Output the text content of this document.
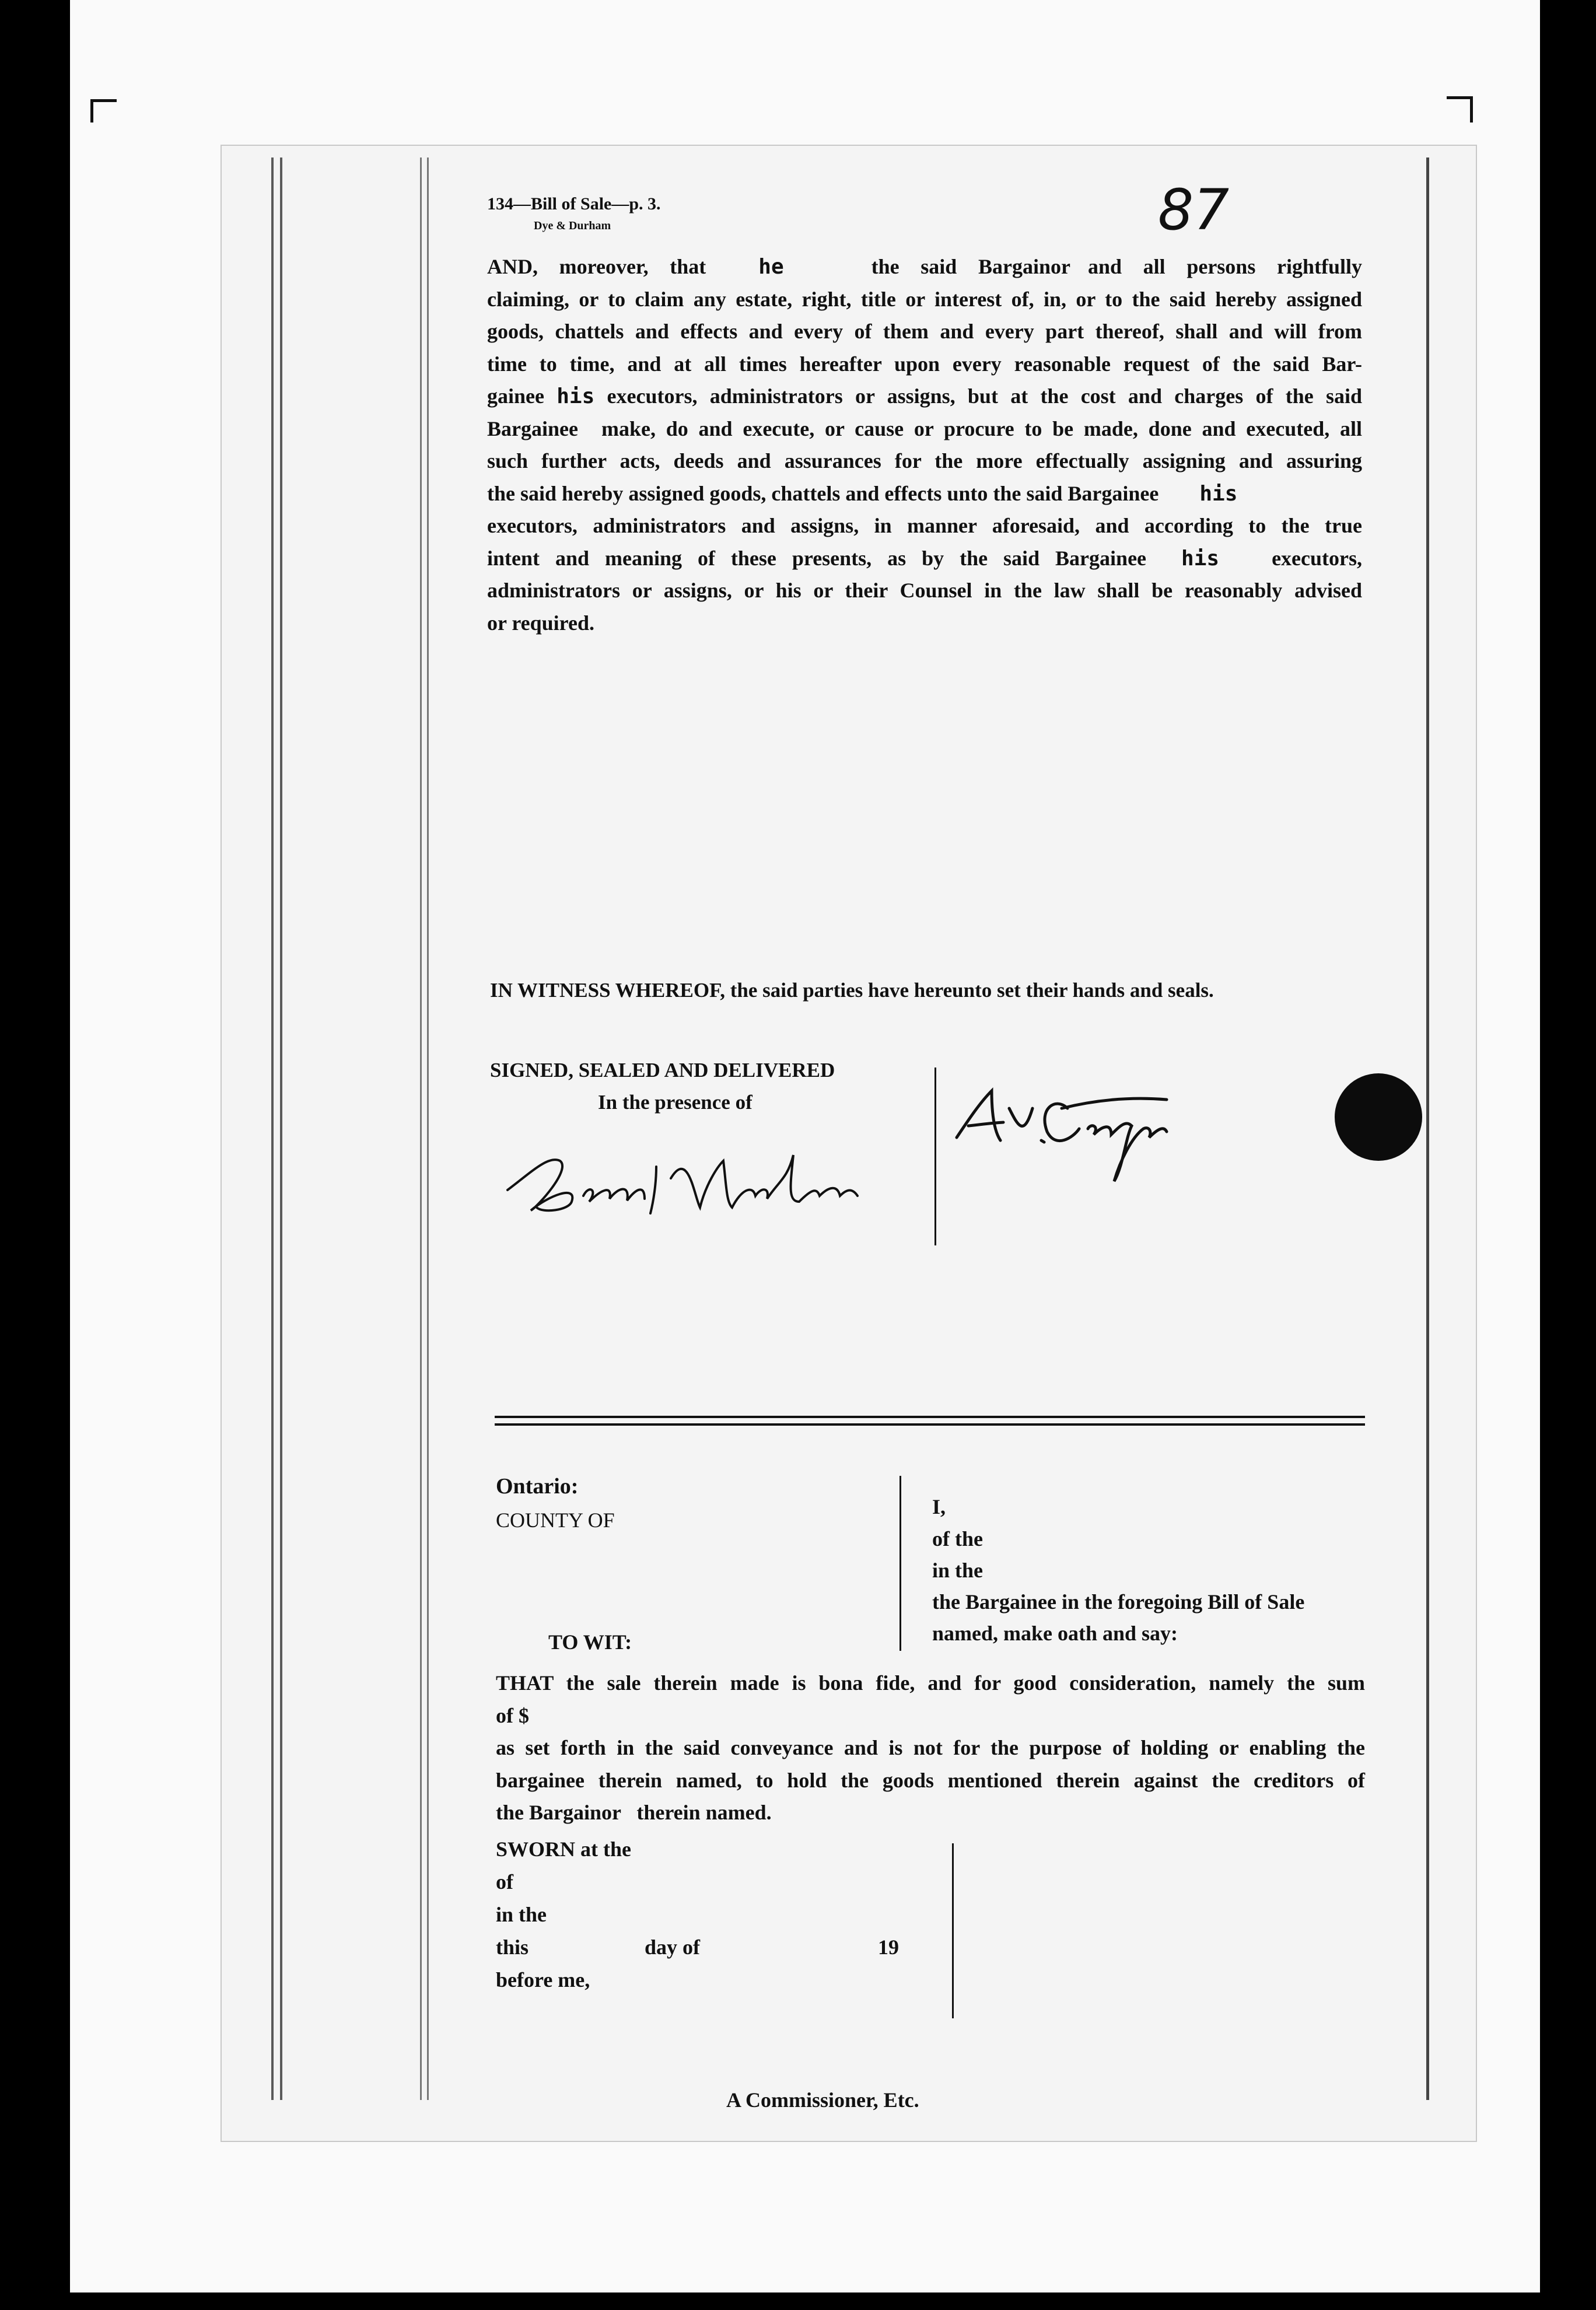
134—Bill of Sale—p. 3.
Dye & Durham	87
AND, moreover, that	he	the said Bargainor and all persons rightfully
claiming, or to claim any estate, right, title or interest of, in, or to the said hereby assigned
goods, chattels and effects and every of them and every part thereof, shall and will from
time to time, and at all times hereafter upon every reasonable request of the said Bar-
gainee his executors, administrators or assigns, but at the cost and charges of the said
Bargainee make, do and execute, or cause or procure to be made, done and executed, all
such further acts, deeds and assurances for the more effectually assigning and assuring
the said hereby assigned goods, chattels and effects unto the said Bargainee his
executors, administrators and assigns, in manner aforesaid, and according to the true
intent and meaning of these presents, as by the said Bargainee his	executors,
administrators or assigns, or his or their Counsel in the law shall be reasonably advised
or required.
IN WITNESS WHEREOF, the said parties have hereunto set their hands and seals.
SIGNED, SEALED AND DELIVERED
In the presence of
Ontario:
COUNTY OF
TO WIT:
I,
of the
in the
the Bargainee in the foregoing Bill of Sale
named, make oath and say:
THAT the sale therein made is bona fide, and for good consideration, namely the sum
of $
as set forth in the said conveyance and is not for the purpose of holding or enabling the
bargainee therein named, to hold the goods mentioned therein against the creditors of
the Bargainor   therein named.
SWORN at the
of
in the
this	day of	19
before me,
A Commissioner, Etc.
